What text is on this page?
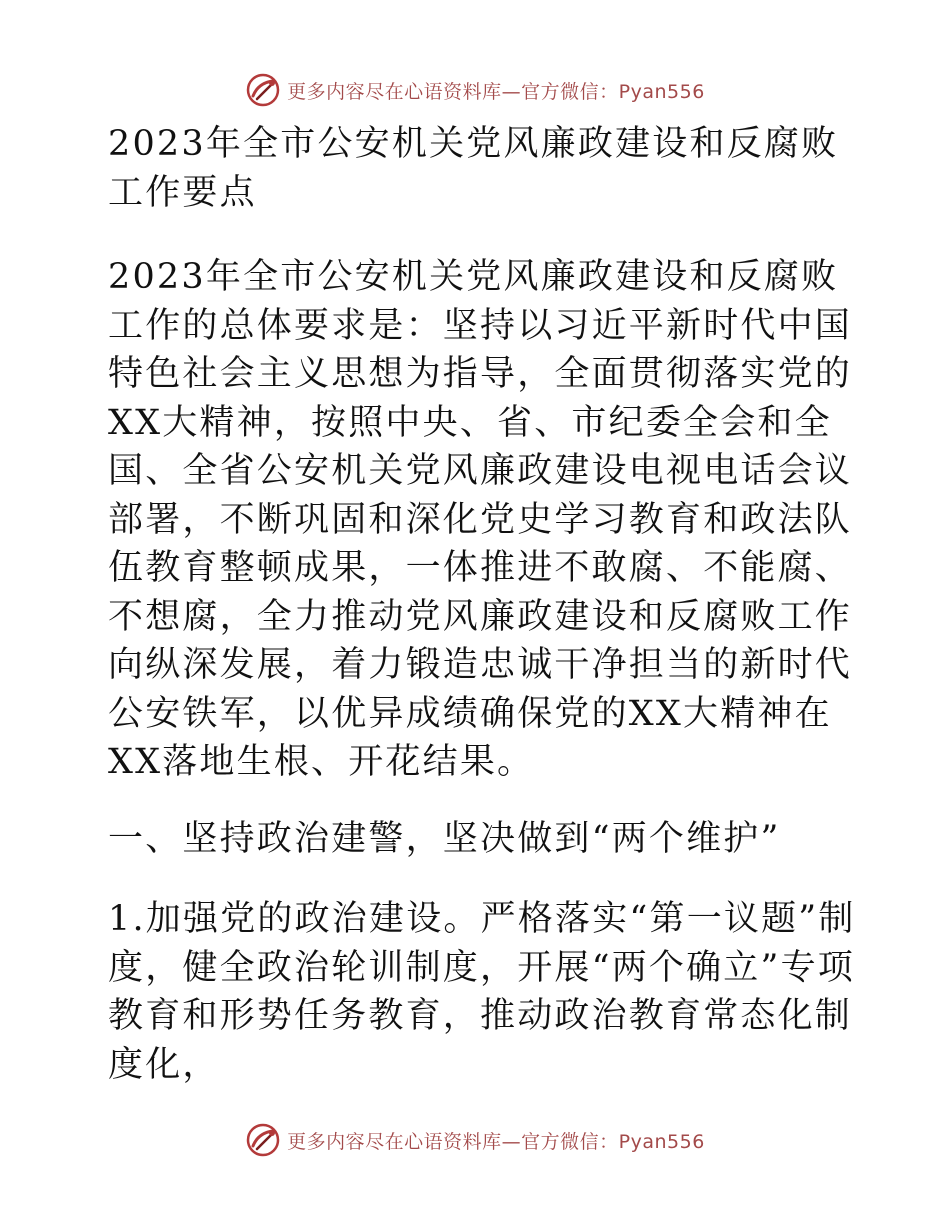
更多内容尽在心语资料库—官方微信：Pyan556

2023年全市公安机关党风廉政建设和反腐败工作要点

2023年全市公安机关党风廉政建设和反腐败工作的总体要求是：坚持以习近平新时代中国特色社会主义思想为指导，全面贯彻落实党的XX大精神，按照中央、省、市纪委全会和全国、全省公安机关党风廉政建设电视电话会议部署，不断巩固和深化党史学习教育和政法队伍教育整顿成果，一体推进不敢腐、不能腐、不想腐，全力推动党风廉政建设和反腐败工作向纵深发展，着力锻造忠诚干净担当的新时代公安铁军，以优异成绩确保党的XX大精神在XX落地生根、开花结果。

一、坚持政治建警，坚决做到“两个维护”

1.加强党的政治建设。严格落实“第一议题”制度，健全政治轮训制度，开展“两个确立”专项教育和形势任务教育，推动政治教育常态化制度化，

更多内容尽在心语资料库—官方微信：Pyan556
